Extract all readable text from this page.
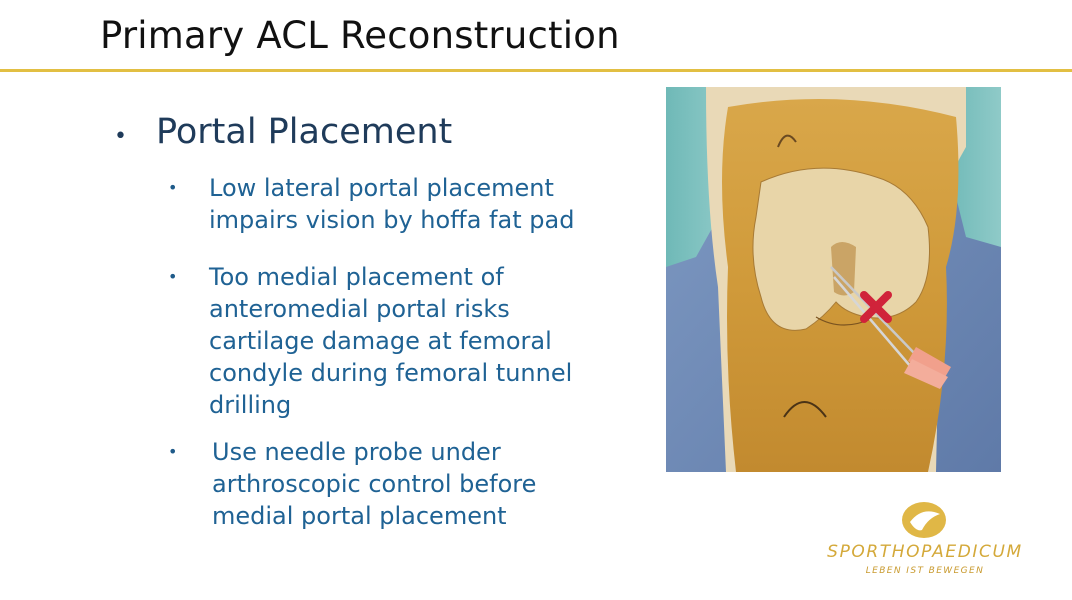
Primary ACL Reconstruction
• Portal Placement
•	Low lateral portal placement
impairs vision by hoffa fat pad
•	Too medial placement of
anteromedial portal risks
cartilage damage at femoral
condyle during femoral tunnel
drilling
•	Use needle probe under
arthroscopic control before
medial portal placement
SPORTHOPAEDICUM
LEBEN IST BEWEGEN
